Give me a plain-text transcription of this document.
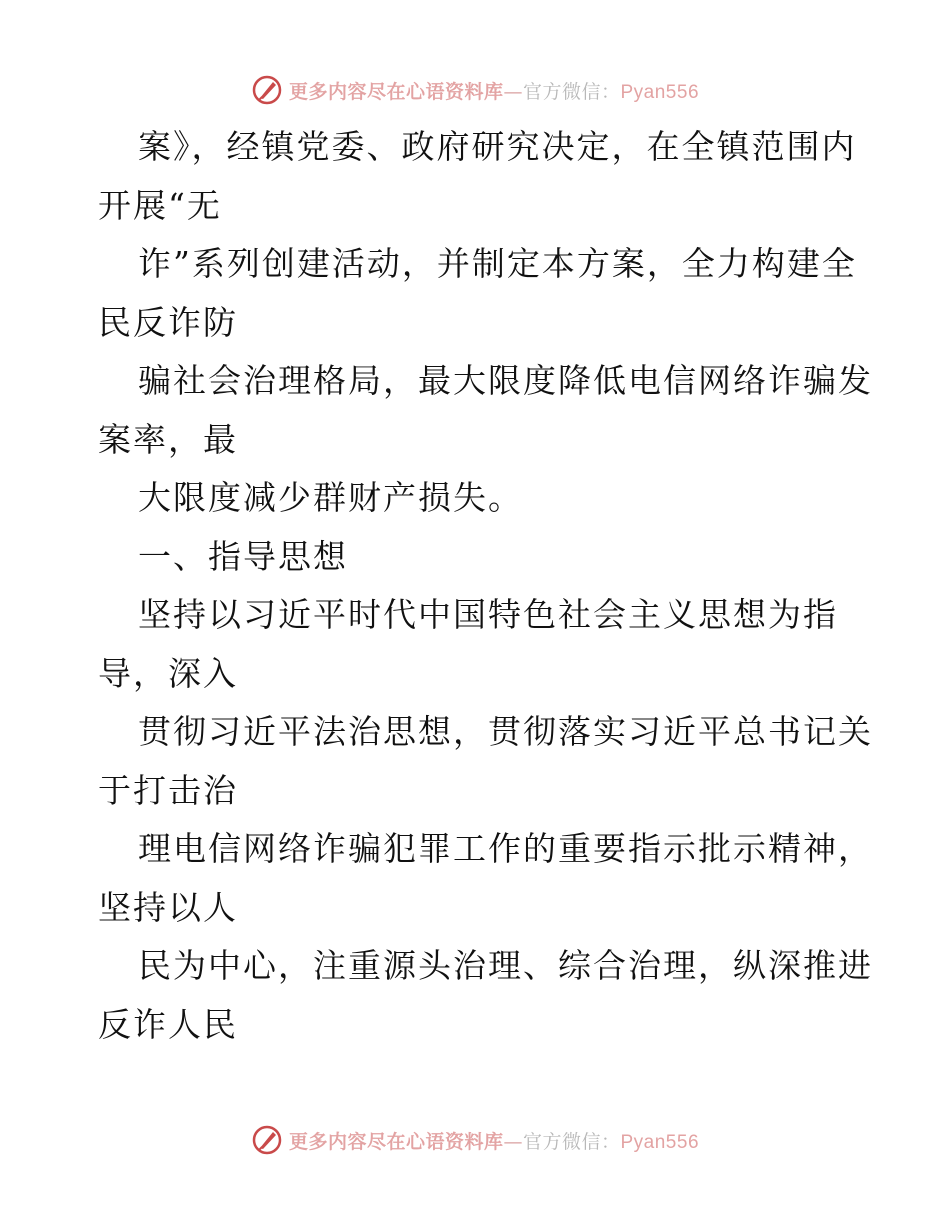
更多内容尽在心语资料库—官方微信：Pyan556
案》，经镇党委、政府研究决定，在全镇范围内
开展“无
诈”系列创建活动，并制定本方案，全力构建全
民反诈防
骗社会治理格局，最大限度降低电信网络诈骗发
案率，最
大限度减少群财产损失。
一、指导思想
坚持以习近平时代中国特色社会主义思想为指
导，深入
贯彻习近平法治思想，贯彻落实习近平总书记关
于打击治
理电信网络诈骗犯罪工作的重要指示批示精神，
坚持以人
民为中心，注重源头治理、综合治理，纵深推进
反诈人民
更多内容尽在心语资料库—官方微信：Pyan556
